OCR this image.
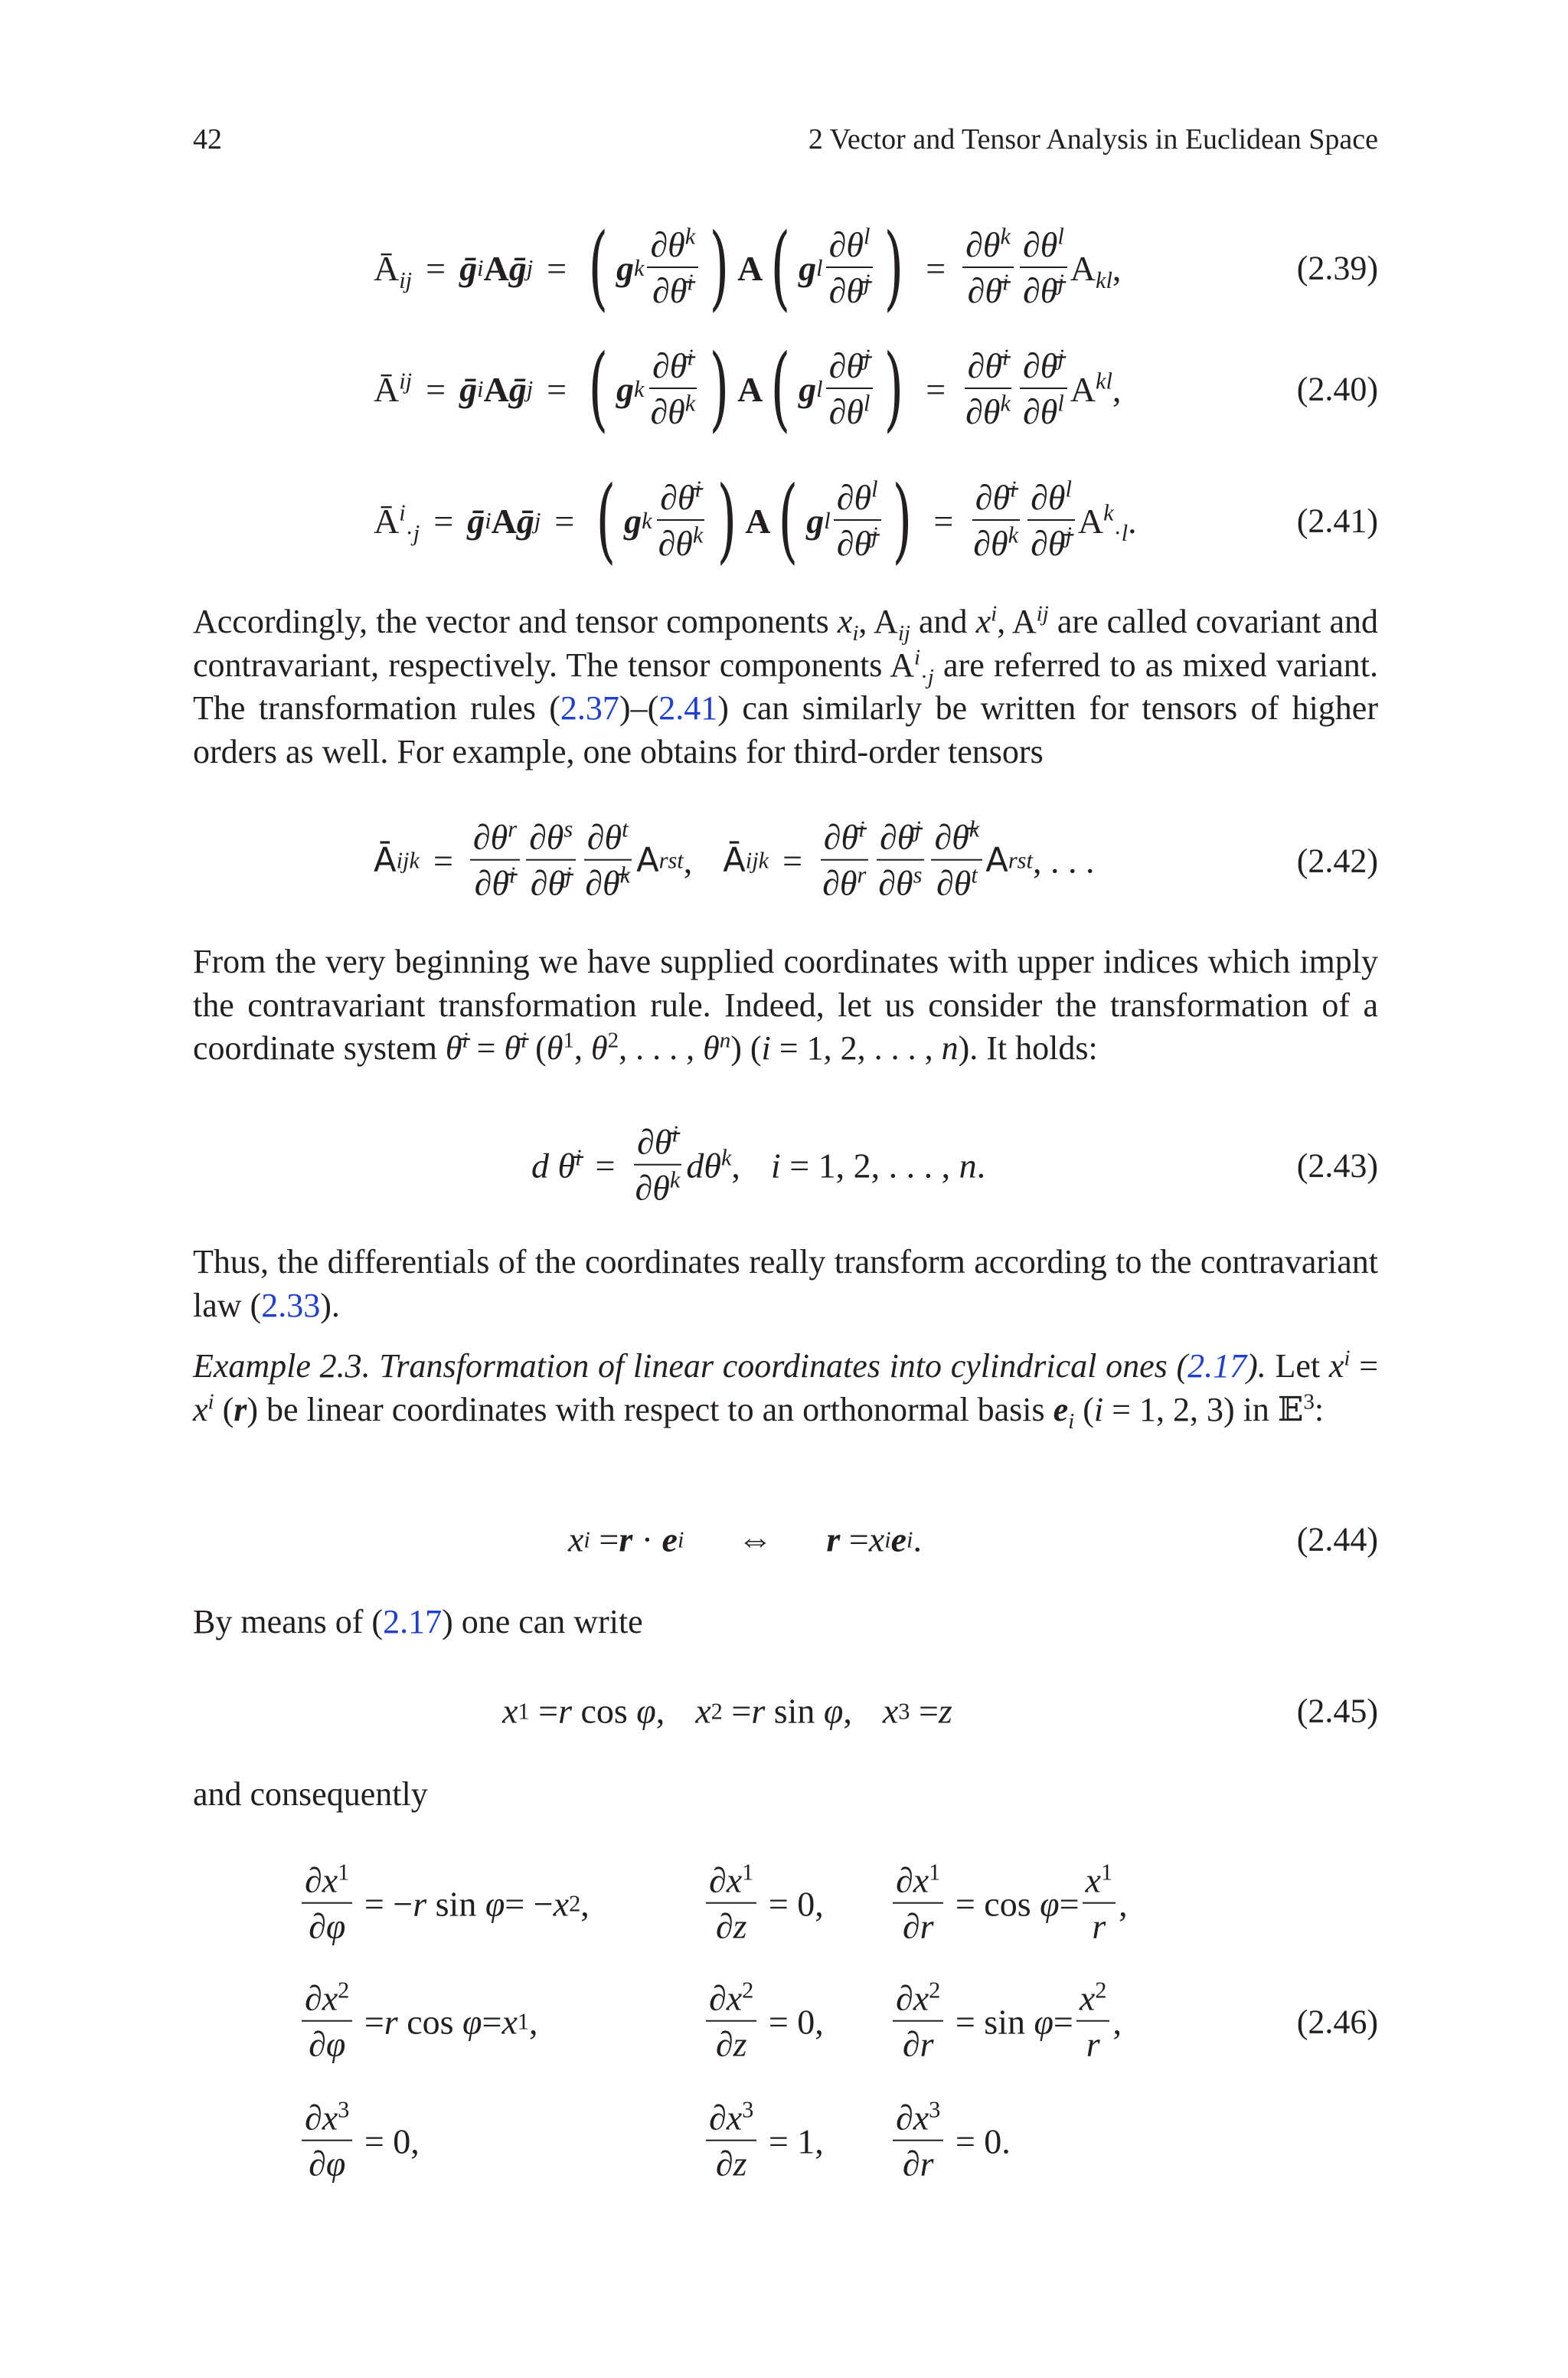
42	2 Vector and Tensor Analysis in Euclidean Space
$Ā_{ij}$ = ḡ i A ḡ j = ( g k $\frac{\partial\theta^k}{\partial\thetā^i}$ ) A ( g l $\frac{\partial\theta^l}{\partial\thetā^j}$ ) = $\frac{\partial\theta^k}{\partial\thetā^i} \frac{\partial\theta^l}{\partial\thetā^j} A_{kl}$,	(2.39)
$Ā^{ij}$ = ḡ i A ḡ j = ( g k $\frac{\partial\thetā^i}{\partial\theta^k}$ ) A ( g l $\frac{\partial\thetā^j}{\partial\theta^l}$ ) = $\frac{\partial\thetā^i}{\partial\theta^k} \frac{\partial\thetā^j}{\partial\theta^l} A^{kl}$,	(2.40)
$Ā^i_{\cdot j}$ = ḡ i A ḡ j = ( g k $\frac{\partial\thetā^i}{\partial\theta^k}$ ) A ( g l $\frac{\partial\theta^l}{\partial\thetā^j}$ ) = $\frac{\partial\thetā^i}{\partial\theta^k} \frac{\partial\theta^l}{\partial\thetā^j} A^k_{\cdot l}$.	(2.41)
Accordingly, the vector and tensor components $x_i$, $A_{ij}$ and $x^i$, $A^{ij}$ are called covariant and contravariant, respectively. The tensor components $A^i_{\cdot j}$ are referred to as mixed variant. The transformation rules (2.37)–(2.41) can similarly be written for tensors of higher orders as well. For example, one obtains for third-order tensors
Ā ijk = $\frac{\partial\theta^r}{\partial\thetā^i} \frac{\partial\theta^s}{\partial\thetā^j} \frac{\partial\theta^t}{\partial\thetā^k}$ A rst , Ā ijk = $\frac{\partial\thetā^i}{\partial\theta^r} \frac{\partial\thetā^j}{\partial\theta^s} \frac{\partial\thetā^k}{\partial\theta^t}$ A rst , . . .	(2.42)
From the very beginning we have supplied coordinates with upper indices which imply the contravariant transformation rule. Indeed, let us consider the transformation of a coordinate system θ̄$^i$ = θ̄$^i$ ($\theta^1$, $\theta^2$, . . . , $\theta^n$) (i = 1, 2, . . . , n). It holds:
d θ̄$^i$ = $\frac{\partial\thetā^i}{\partial\theta^k} d\theta^k$, i = 1, 2, . . . , n.	(2.43)
Thus, the differentials of the coordinates really transform according to the contravariant law (2.33).
Example 2.3. Transformation of linear coordinates into cylindrical ones (2.17). Let $x^i = x^i$ (r) be linear coordinates with respect to an orthonormal basis $e_i$ (i = 1, 2, 3) in 𝔼$^3$:
x i = r · e i ⇔ r = x i e i .	(2.44)
By means of (2.17) one can write
x 1 = r cos φ , x 2 = r sin φ , x 3 = z	(2.45)
and consequently
(2.46)
$\frac{\partial x^1}{\partial\varphi}$ = − r sin φ = − x 2 ,	$\frac{\partial x^1}{\partial z} = 0$, $\frac{\partial x^1}{\partial r} = \cos \varphi = \frac{x^1}{r}$ ,
$\frac{\partial x^2}{\partial\varphi} = r$ cos φ = x 1 ,	$\frac{\partial x^2}{\partial z} = 0$, $\frac{\partial x^2}{\partial r} = \sin \varphi = \frac{x^2}{r}$ ,
$\frac{\partial x^3}{\partial\varphi} = 0$,	$\frac{\partial x^3}{\partial z} = 1$, $\frac{\partial x^3}{\partial r} = 0$.
